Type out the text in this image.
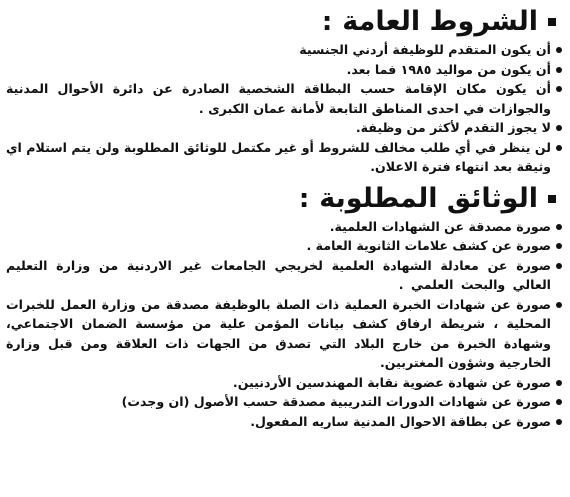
الشروط العامة
:
أن يكون المتقدم للوظيفة أردني الجنسية
أن يكون من مواليد ١٩٨٥ فما بعد.
أن يكون مكان الإقامة حسب البطاقة الشخصية الصادرة عن دائرة الأحوال المدنية والجوازات في احدى المناطق التابعة لأمانة عمان الكبرى .
لا يجوز التقدم لأكثر من وظيفة.
لن ينظر في أي طلب مخالف للشروط أو غير مكتمل للوثائق المطلوبة ولن يتم استلام اي وثيقة بعد انتهاء فترة الاعلان.
الوثائق المطلوبة
:
صورة مصدقة عن الشهادات العلمية.
صورة عن كشف علامات الثانوية العامة .
صورة عن معادلة الشهادة العلمية لخريجي الجامعات غير الاردنية من وزارة التعليم العالي والبحث العلمي .
صورة عن شهادات الخبرة العملية ذات الصلة بالوظيفة مصدقة من وزارة العمل للخبرات المحلية ، شريطة ارفاق كشف بيانات المؤمن علية من مؤسسة الضمان الاجتماعي، وشهادة الخبرة من خارج البلاد التي تصدق من الجهات ذات العلاقة ومن قبل وزارة الخارجية وشؤون المغتربين.
صورة عن شهادة عضوية نقابة المهندسين الأردنيين.
صورة عن شهادات الدورات التدريبية مصدقة حسب الأصول (ان وجدت)
صورة عن بطاقة الاحوال المدنية ساريه المفعول.
